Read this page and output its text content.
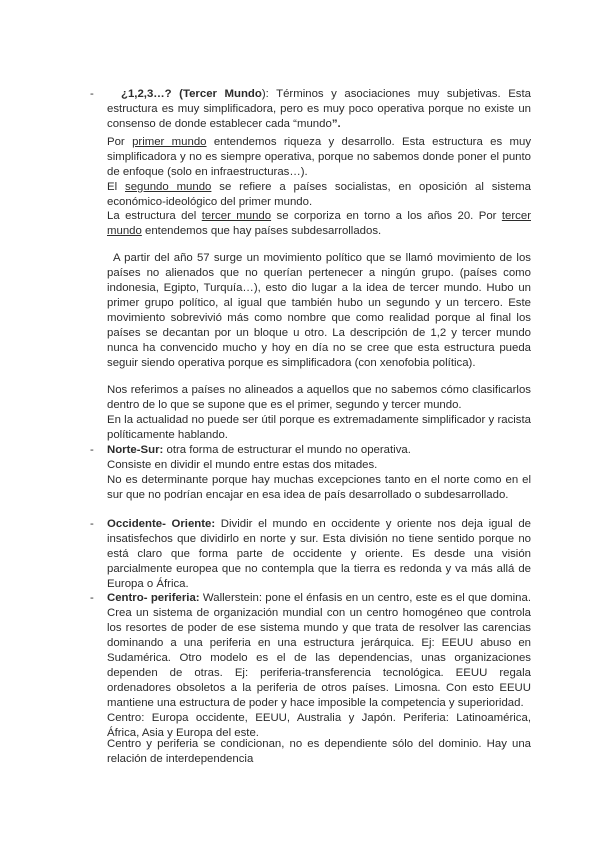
-	¿1,2,3…? (Tercer Mundo): Términos y asociaciones muy subjetivas. Esta estructura es muy simplificadora, pero es muy poco operativa porque no existe un consenso de donde establecer cada “mundo”.

Por primer mundo entendemos riqueza y desarrollo. Esta estructura es muy simplificadora y no es siempre operativa, porque no sabemos donde poner el punto de enfoque (solo en infraestructuras…).

El segundo mundo se refiere a países socialistas, en oposición al sistema económico-ideológico del primer mundo.

La estructura del tercer mundo se corporiza en torno a los años 20. Por tercer mundo entendemos que hay países subdesarrollados.

A partir del año 57 surge un movimiento político que se llamó movimiento de los países no alienados que no querían pertenecer a ningún grupo. (países como indonesia, Egipto, Turquía…), esto dio lugar a la idea de tercer mundo. Hubo un primer grupo político, al igual que también hubo un segundo y un tercero. Este movimiento sobrevivió más como nombre que como realidad porque al final los países se decantan por un bloque u otro. La descripción de 1,2 y tercer mundo nunca ha convencido mucho y hoy en día no se cree que esta estructura pueda seguir siendo operativa porque es simplificadora (con xenofobia política).

Nos referimos a países no alineados a aquellos que no sabemos cómo clasificarlos dentro de lo que se supone que es el primer, segundo y tercer mundo.

En la actualidad no puede ser útil porque es extremadamente simplificador y racista políticamente hablando.

- Norte-Sur: otra forma de estructurar el mundo no operativa.

Consiste en dividir el mundo entre estas dos mitades.

No es determinante porque hay muchas excepciones tanto en el norte como en el sur que no podrían encajar en esa idea de país desarrollado o subdesarrollado.

- Occidente- Oriente: Dividir el mundo en occidente y oriente nos deja igual de insatisfechos que dividirlo en norte y sur. Esta división no tiene sentido porque no está claro que forma parte de occidente y oriente. Es desde una visión parcialmente europea que no contempla que la tierra es redonda y va más allá de Europa o África.

- Centro- periferia: Wallerstein: pone el énfasis en un centro, este es el que domina. Crea un sistema de organización mundial con un centro homogéneo que controla los resortes de poder de ese sistema mundo y que trata de resolver las carencias dominando a una periferia en una estructura jerárquica. Ej: EEUU abuso en Sudamérica. Otro modelo es el de las dependencias, unas organizaciones dependen de otras. Ej: periferia-transferencia tecnológica. EEUU regala ordenadores obsoletos a la periferia de otros países. Limosna. Con esto EEUU mantiene una estructura de poder y hace imposible la competencia y superioridad.

Centro: Europa occidente, EEUU, Australia y Japón. Periferia: Latinoamérica, África, Asia y Europa del este.

Centro y periferia se condicionan, no es dependiente sólo del dominio. Hay una relación de interdependencia
